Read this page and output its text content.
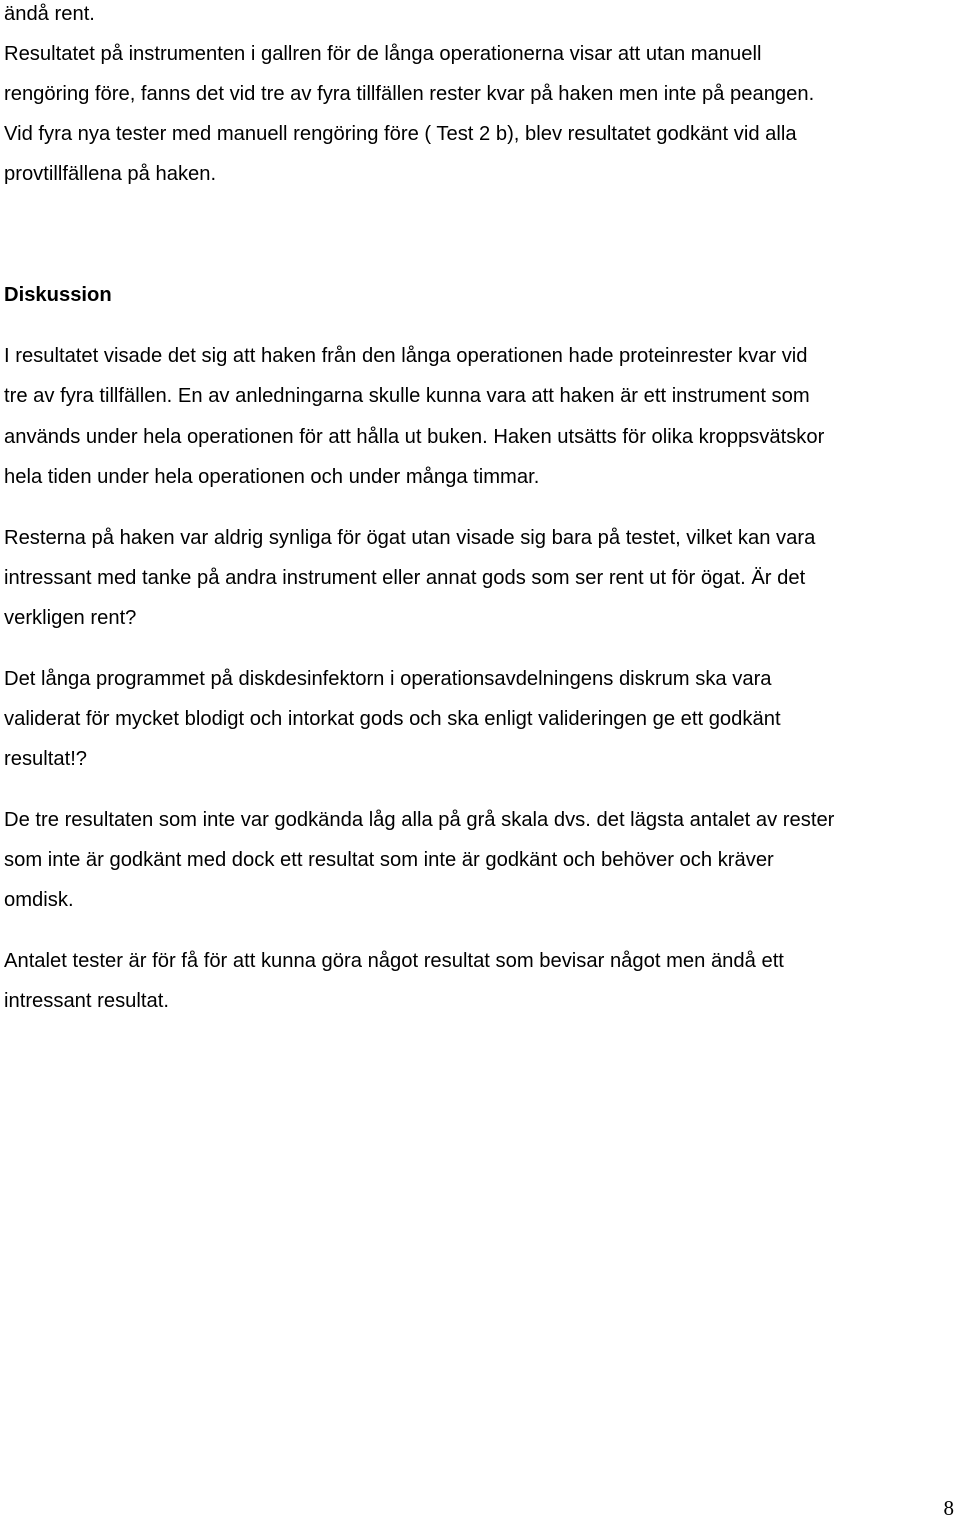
ändå rent.
Resultatet på instrumenten i gallren för de långa operationerna visar att utan manuell
rengöring före, fanns det vid tre av fyra tillfällen rester kvar på haken men inte på peangen.
Vid fyra nya tester med manuell rengöring före ( Test 2 b), blev resultatet godkänt vid alla
provtillfällena på haken.
Diskussion
I resultatet visade det sig att haken från den långa operationen hade proteinrester kvar vid
tre av fyra tillfällen. En av anledningarna skulle kunna vara att haken är ett instrument som
används under hela operationen för att hålla ut buken. Haken utsätts för olika kroppsvätskor
hela tiden under hela operationen och under många timmar.
Resterna på haken var aldrig synliga för ögat utan visade sig bara på testet, vilket kan vara
intressant med tanke på andra instrument eller annat gods som ser rent ut för ögat. Är det
verkligen rent?
Det långa programmet på diskdesinfektorn i operationsavdelningens diskrum ska vara
validerat för mycket blodigt och intorkat gods och ska enligt valideringen ge ett godkänt
resultat!?
De tre resultaten som inte var godkända låg alla på grå skala dvs. det lägsta antalet av rester
som inte är godkänt med dock ett resultat som inte är godkänt och behöver och kräver
omdisk.
Antalet tester är för få för att kunna göra något resultat som bevisar något men ändå ett
intressant resultat.
8
